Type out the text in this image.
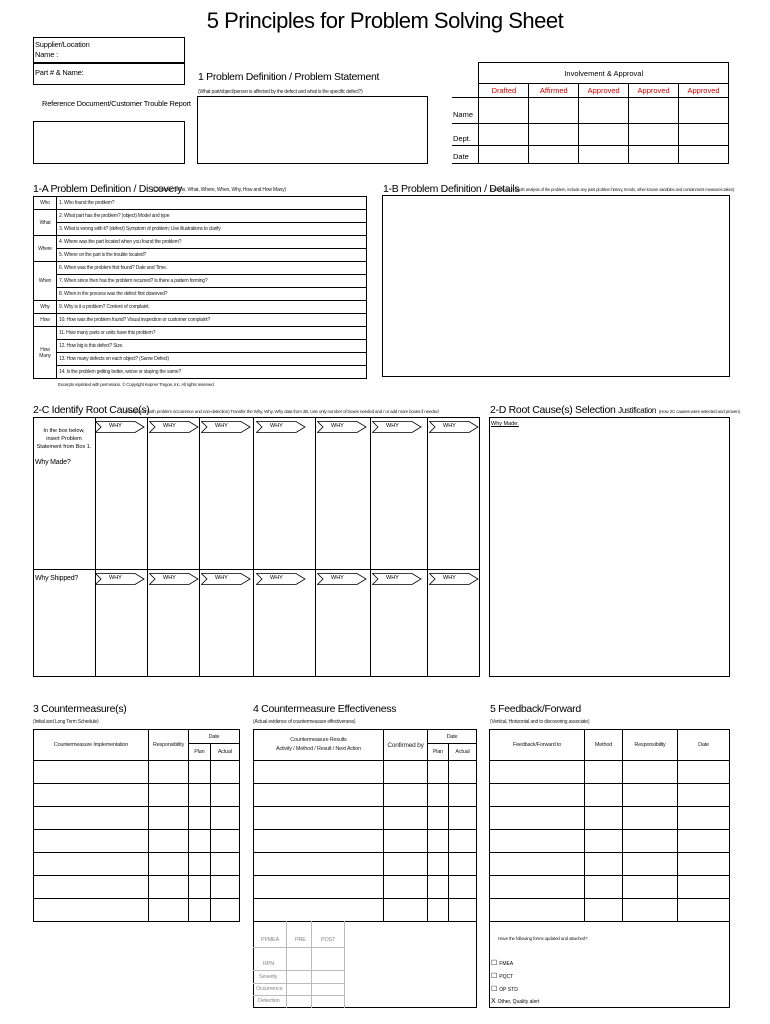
5 Principles for Problem Solving Sheet
Supplier/Location Name :
Part # & Name:
Reference Document/Customer Trouble Report
1 Problem Definition / Problem Statement
(What part/object/person is affected by the defect and what is the specific defect?)
	Involvement & Approval				
	Drafted	Affirmed	Approved	Approved	Approved
Name					
Dept.					
Date					
1-A Problem Definition / Discovery
(Consider : Who, What, Where, When, Why, How and How Many)
Who	1. Who found the problem?
What	2. What part has the problem? (object) Model and type
	3. What is wrong with it? (defect) Symptom of problem; Use illustrations to clarify
Where	4. Where was the part located when you found the problem?
	5. Where on the part is the trouble located?
When	6. When was the problem first found? Date and Time.
	7. When since then has the problem recurred? Is there a pattern forming?
	8. When in the process was the defect first observed?
Why	9. Why is it a problem? Content of complaint.
How	10. How was the problem found? Visual inspection or customer complaint?
How Many	11. How many parts or units have this problem?
	12. How big is this defect? Size.
	13. How many defects on each object? (Same Defect)
	14. Is the problem getting better, worse or staying the same?
Excerpts reprinted with permission. © Copyright Kepner Tregoe, Inc. All rights reserved.
1-B Problem Definition / Details
(Provide an in-depth analysis of the problem, include any past problem history, trends, other known variables and containment measures taken)
2-C Identify Root Cause(s)
(Analysis of both problem occurrence and non-detection) Transfer the Why, Why, Why data from 2B. Use only number of boxes needed and / or add more boxes if needed
In the box below, insert Problem Statement from Box 1.
Why Made?
Why Shipped?
WHY	WHY	WHY	WHY	WHY	WHY	WHY
WHY	WHY	WHY	WHY	WHY	WHY	WHY
2-D Root Cause(s) Selection Justification (How 2C causes were selected and proven)
Why Made:
3 Countermeasure(s)
(Initial and Long Term Schedule)
Countermeasure Implementation	Responsibility	Date	
		Plan	Actual

4 Countermeasure Effectiveness
(Actual evidence of countermeasure effectiveness)
Countermeasure Results
Activity / Method / Result / Next Action	Confirmed by	Date	
		Plan	Actual

PFMEA	PRE	POST
RPN
Severity
Occurrence
Detection
5 Feedback/Forward
(Vertical, Horizontal and to discovering associate)
Feedback/Forward to	Method	Responsibility	Date

Have the following forms updated and attached?
☐ FMEA
☐ PQCT
☐ OP STD
X Other, Quality alert
